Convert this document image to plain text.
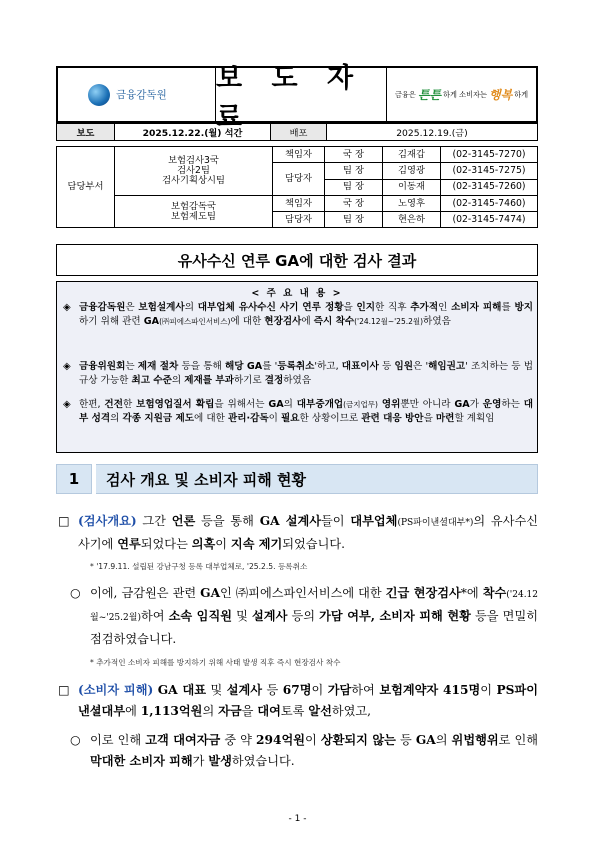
금융감독원
보 도 자 료
금융은 튼튼 하게 소비자는 행복 하게
보도	2025.12.22.(월) 석간	배포	2025.12.19.(금)
담당부서	보험검사3국
검사2팀
검사기획상시팀	책임자	국 장	김재갑	(02-3145-7270)
		담당자	팀 장	김영광	(02-3145-7275)
			팀 장	이동재	(02-3145-7260)

	보험감독국
보험제도팀	책임자	국 장	노영후	(02-3145-7460)
		담당자	팀 장	현은하	(02-3145-7474)
유사수신 연루 GA에 대한 검사 결과
< 주 요 내 용 >
◈ 금융감독원은 보험설계사의 대부업체 유사수신 사기 연루 정황을 인지한 직후 추가적인 소비자 피해를 방지하기 위해 관련 GA(㈜피에스파인서비스)에 대한 현장검사에 즉시 착수('24.12월~'25.2월)하였음
◈ 금융위원회는 제재 절차 등을 통해 해당 GA를 '등록취소'하고, 대표이사 등 임원은 '해임권고' 조치하는 등 법규상 가능한 최고 수준의 제재를 부과하기로 결정하였음
◈ 한편, 건전한 보험영업질서 확립을 위해서는 GA의 대부중개업(금지업무) 영위뿐만 아니라 GA가 운영하는 대부 성격의 각종 지원금 제도에 대한 관리·감독이 필요한 상황이므로 관련 대응 방안을 마련할 계획임
1	검사 개요 및 소비자 피해 현황
□ (검사개요) 그간 언론 등을 통해 GA 설계사들이 대부업체(PS파이낸셜대부*)의 유사수신 사기에 연루되었다는 의혹이 지속 제기되었습니다.
* '17.9.11. 설립된 강남구청 등록 대부업체로, '25.2.5. 등록취소
○ 이에, 금감원은 관련 GA인 ㈜피에스파인서비스에 대한 긴급 현장검사*에 착수('24.12월~'25.2월)하여 소속 임직원 및 설계사 등의 가담 여부, 소비자 피해 현황 등을 면밀히 점검하였습니다.
* 추가적인 소비자 피해를 방지하기 위해 사태 발생 직후 즉시 현장검사 착수
□ (소비자 피해) GA 대표 및 설계사 등 67명이 가담하여 보험계약자 415명이 PS파이낸셜대부에 1,113억원의 자금을 대여토록 알선하였고,
○ 이로 인해 고객 대여자금 중 약 294억원이 상환되지 않는 등 GA의 위법행위로 인해 막대한 소비자 피해가 발생하였습니다.
- 1 -
